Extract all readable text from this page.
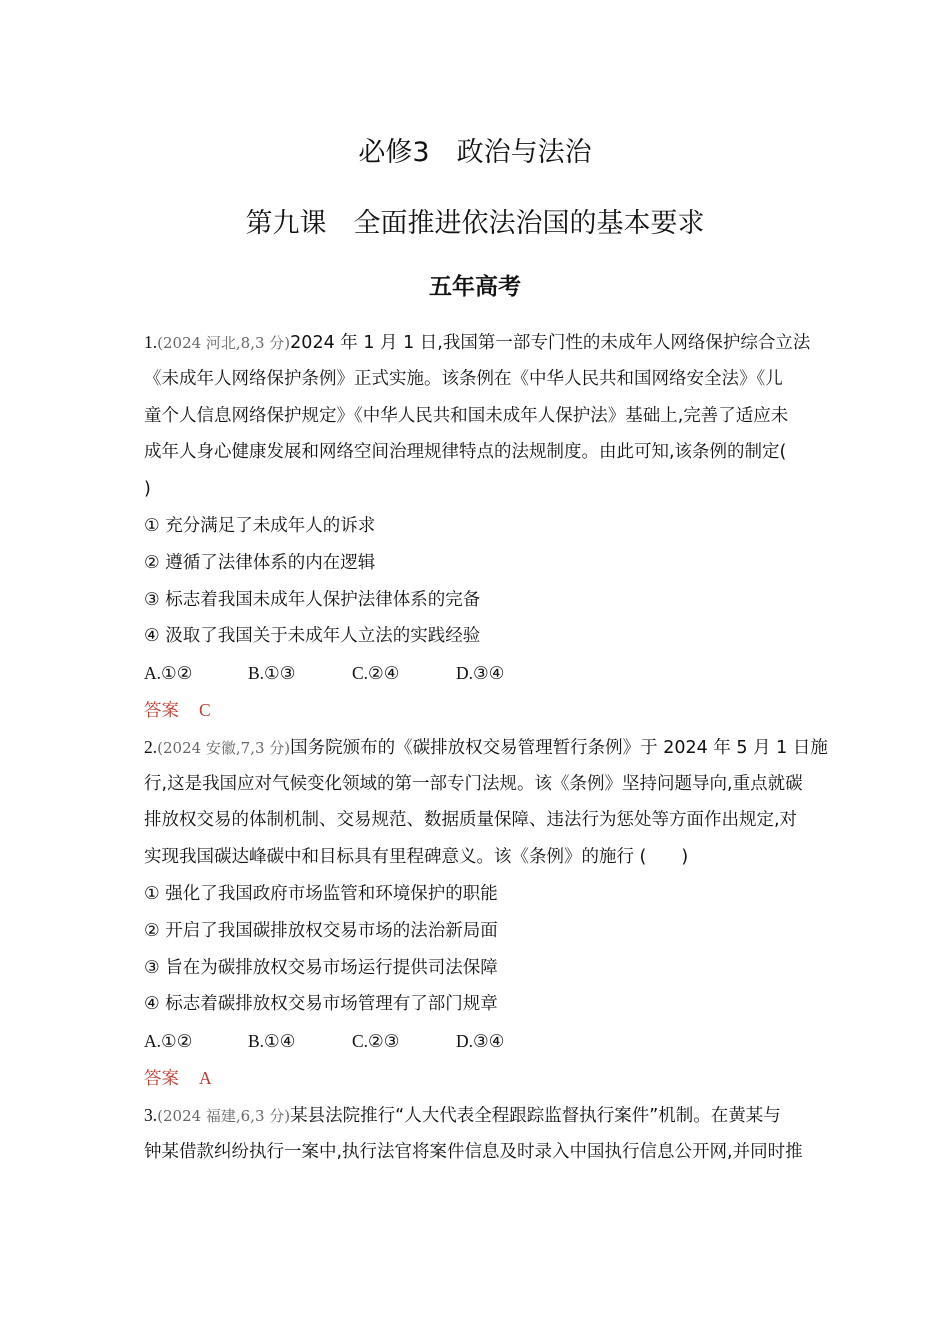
必修3　政治与法治
第九课　全面推进依法治国的基本要求
五年高考
1.(2024 河北,8,3 分)2024 年 1 月 1 日,我国第一部专门性的未成年人网络保护综合立法
《未成年人网络保护条例》正式实施。该条例在《中华人民共和国网络安全法》《儿
童个人信息网络保护规定》《中华人民共和国未成年人保护法》基础上,完善了适应未
成年人身心健康发展和网络空间治理规律特点的法规制度。由此可知,该条例的制定(
)
① 充分满足了未成年人的诉求
② 遵循了法律体系的内在逻辑
③ 标志着我国未成年人保护法律体系的完备
④ 汲取了我国关于未成年人立法的实践经验
A.①②	B.①③	C.②④	D.③④
答案 C
2.(2024 安徽,7,3 分)国务院颁布的《碳排放权交易管理暂行条例》于 2024 年 5 月 1 日施
行,这是我国应对气候变化领域的第一部专门法规。该《条例》坚持问题导向,重点就碳
排放权交易的体制机制、交易规范、数据质量保障、违法行为惩处等方面作出规定,对
实现我国碳达峰碳中和目标具有里程碑意义。该《条例》的施行 (　　)
① 强化了我国政府市场监管和环境保护的职能
② 开启了我国碳排放权交易市场的法治新局面
③ 旨在为碳排放权交易市场运行提供司法保障
④ 标志着碳排放权交易市场管理有了部门规章
A.①②	B.①④	C.②③	D.③④
答案 A
3.(2024 福建,6,3 分)某县法院推行“人大代表全程跟踪监督执行案件”机制。在黄某与
钟某借款纠纷执行一案中,执行法官将案件信息及时录入中国执行信息公开网,并同时推
